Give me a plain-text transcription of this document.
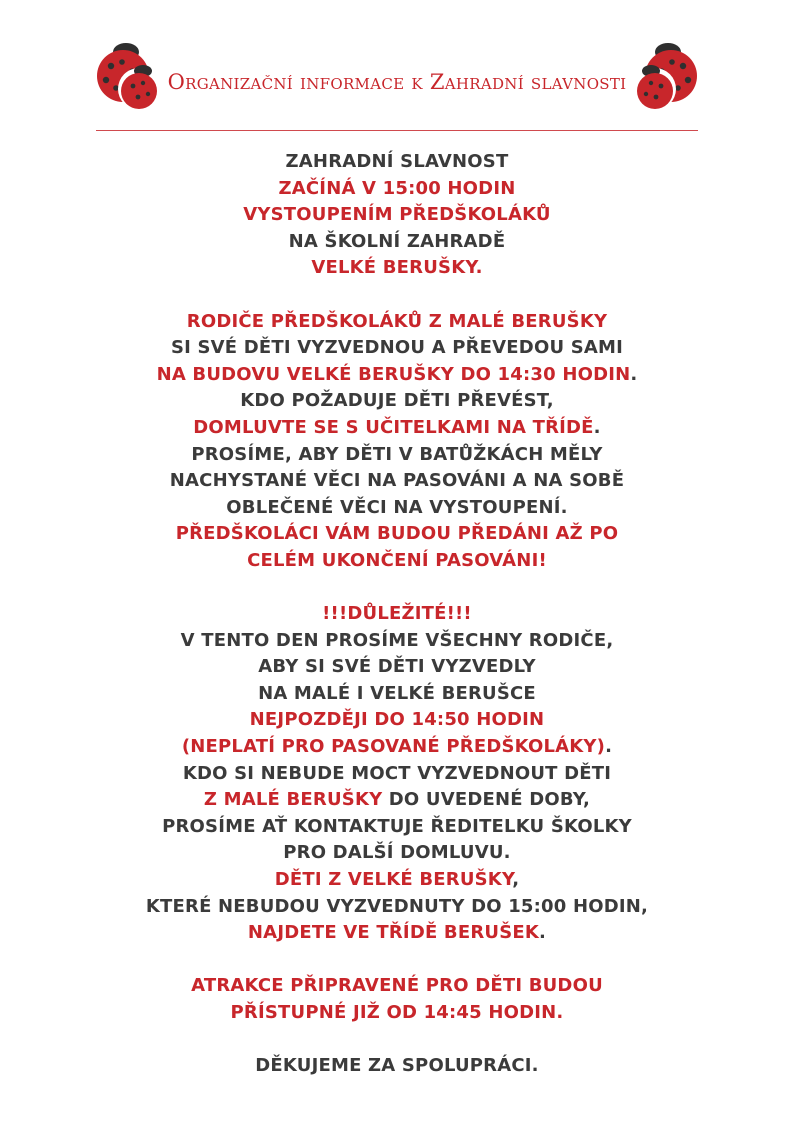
Organizační informace k Zahradní slavnosti
ZAHRADNÍ SLAVNOST
ZAČÍNÁ V 15:00 HODIN
VYSTOUPENÍM PŘEDŠKOLÁKŮ
NA ŠKOLNÍ ZAHRADĚ
VELKÉ BERUŠKY.
RODIČE PŘEDŠKOLÁKŮ Z MALÉ BERUŠKY
SI SVÉ DĚTI VYZVEDNOU A PŘEVEDOU SAMI
NA BUDOVU VELKÉ BERUŠKY DO 14:30 HODIN.
KDO POŽADUJE DĚTI PŘEVÉST,
DOMLUVTE SE S UČITELKAMI NA TŘÍDĚ.
PROSÍME, ABY DĚTI V BATŮŽKÁCH MĚLY
NACHYSTANÉ VĚCI NA PASOVÁNI A NA SOBĚ
OBLEČENÉ VĚCI NA VYSTOUPENÍ.
PŘEDŠKOLÁCI VÁM BUDOU PŘEDÁNI AŽ PO
CELÉM UKONČENÍ PASOVÁNI!
!!!DŮLEŽITÉ!!!
V TENTO DEN PROSÍME VŠECHNY RODIČE,
ABY SI SVÉ DĚTI VYZVEDLY
NA MALÉ I VELKÉ BERUŠCE
NEJPOZDĚJI DO 14:50 HODIN
(NEPLATÍ PRO PASOVANÉ PŘEDŠKOLÁKY).
KDO SI NEBUDE MOCT VYZVEDNOUT DĚTI
Z MALÉ BERUŠKY DO UVEDENÉ DOBY,
PROSÍME AŤ KONTAKTUJE ŘEDITELKU ŠKOLKY
PRO DALŠÍ DOMLUVU.
DĚTI Z VELKÉ BERUŠKY,
KTERÉ NEBUDOU VYZVEDNUTY DO 15:00 HODIN,
NAJDETE VE TŘÍDĚ BERUŠEK.
ATRAKCE PŘIPRAVENÉ PRO DĚTI BUDOU
PŘÍSTUPNÉ JIŽ OD 14:45 HODIN.
DĚKUJEME ZA SPOLUPRÁCI.
